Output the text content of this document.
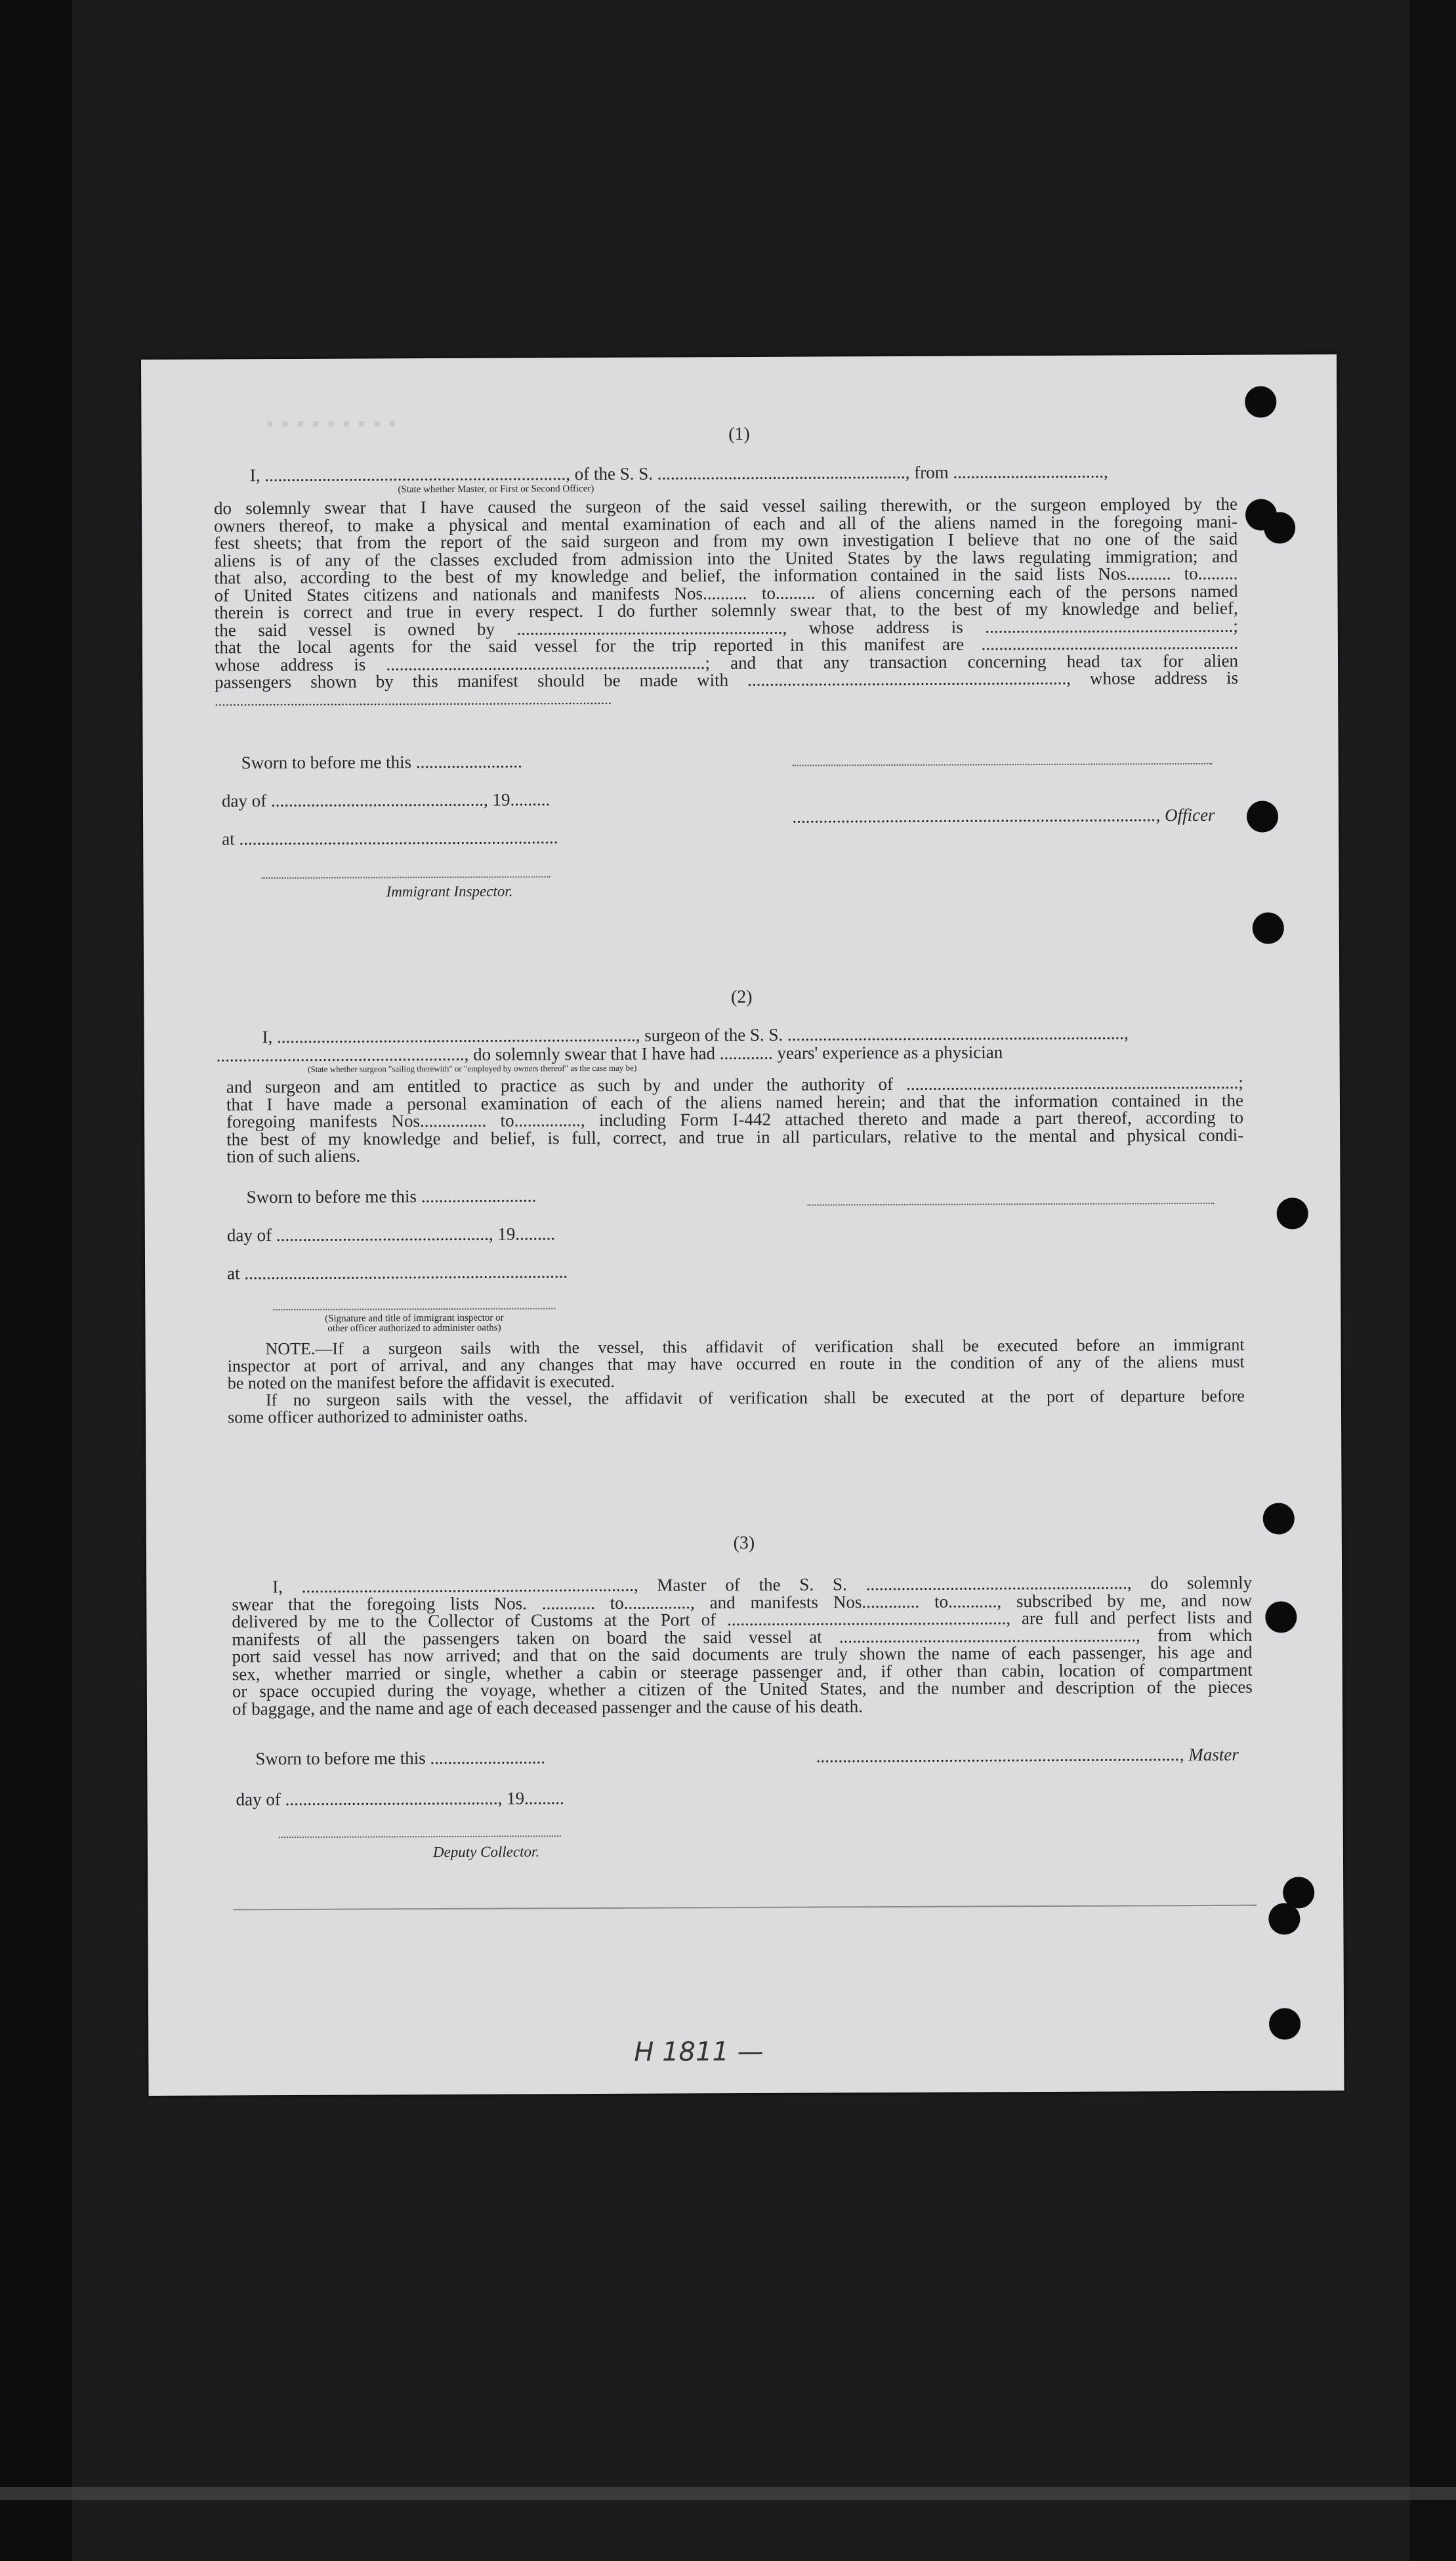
▪ ▪ ▪ ▪ ▪ ▪ ▪ ▪ ▪	(1)
I, ...................................................................., of the S. S. ........................................................, from ..................................,
(State whether Master, or First or Second Officer)

do solemnly swear that I have caused the surgeon of the said vessel sailing therewith, or the surgeon employed by the

owners thereof, to make a physical and mental examination of each and all of the aliens named in the foregoing mani-

fest sheets; that from the report of the said surgeon and from my own investigation I believe that no one of the said

aliens is of any of the classes excluded from admission into the United States by the laws regulating immigration; and

that also, according to the best of my knowledge and belief, the information contained in the said lists Nos.......... to.........

of United States citizens and nationals and manifests Nos.......... to......... of aliens concerning each of the persons named

therein is correct and true in every respect. I do further solemnly swear that, to the best of my knowledge and belief,

the said vessel is owned by ............................................................, whose address is ........................................................;

that the local agents for the said vessel for the trip reported in this manifest are ..........................................................

whose address is ........................................................................; and that any transaction concerning head tax for alien

passengers shown by this manifest should be made with ........................................................................, whose address is

..............................................................................................................
Sworn to before me this ........................
day of ................................................, 19.........
at ........................................................................
Immigrant Inspector.
.................................................................................., Officer
(2)
I, ................................................................................., surgeon of the S. S. ............................................................................,
........................................................, do solemnly swear that I have had ............ years' experience as a physician
(State whether surgeon "sailing therewith" or "employed by owners thereof" as the case may be)

and surgeon and am entitled to practice as such by and under the authority of ...........................................................................;

that I have made a personal examination of each of the aliens named herein; and that the information contained in the

foregoing manifests Nos............... to..............., including Form I-442 attached thereto and made a part thereof, according to

the best of my knowledge and belief, is full, correct, and true in all particulars, relative to the mental and physical condi-

tion of such aliens.

Sworn to before me this ..........................
day of ................................................, 19.........
at .........................................................................
(Signature and title of immigrant inspector or
other officer authorized to administer oaths)

NOTE.—If a surgeon sails with the vessel, this affidavit of verification shall be executed before an immigrant

inspector at port of arrival, and any changes that may have occurred en route in the condition of any of the aliens must

be noted on the manifest before the affidavit is executed.

If no surgeon sails with the vessel, the affidavit of verification shall be executed at the port of departure before

some officer authorized to administer oaths.

(3)

I, ..........................................................................., Master of the S. S. ..........................................................., do solemnly

swear that the foregoing lists Nos. ............ to..............., and manifests Nos............. to..........., subscribed by me, and now

delivered by me to the Collector of Customs at the Port of ..............................................................., are full and perfect lists and

manifests of all the passengers taken on board the said vessel at ..................................................................., from which

port said vessel has now arrived; and that on the said documents are truly shown the name of each passenger, his age and

sex, whether married or single, whether a cabin or steerage passenger and, if other than cabin, location of compartment

or space occupied during the voyage, whether a citizen of the United States, and the number and description of the pieces

of baggage, and the name and age of each deceased passenger and the cause of his death.

Sworn to before me this ..........................	.................................................................................., Master
day of ................................................, 19.........
Deputy Collector.
H 1811 —
